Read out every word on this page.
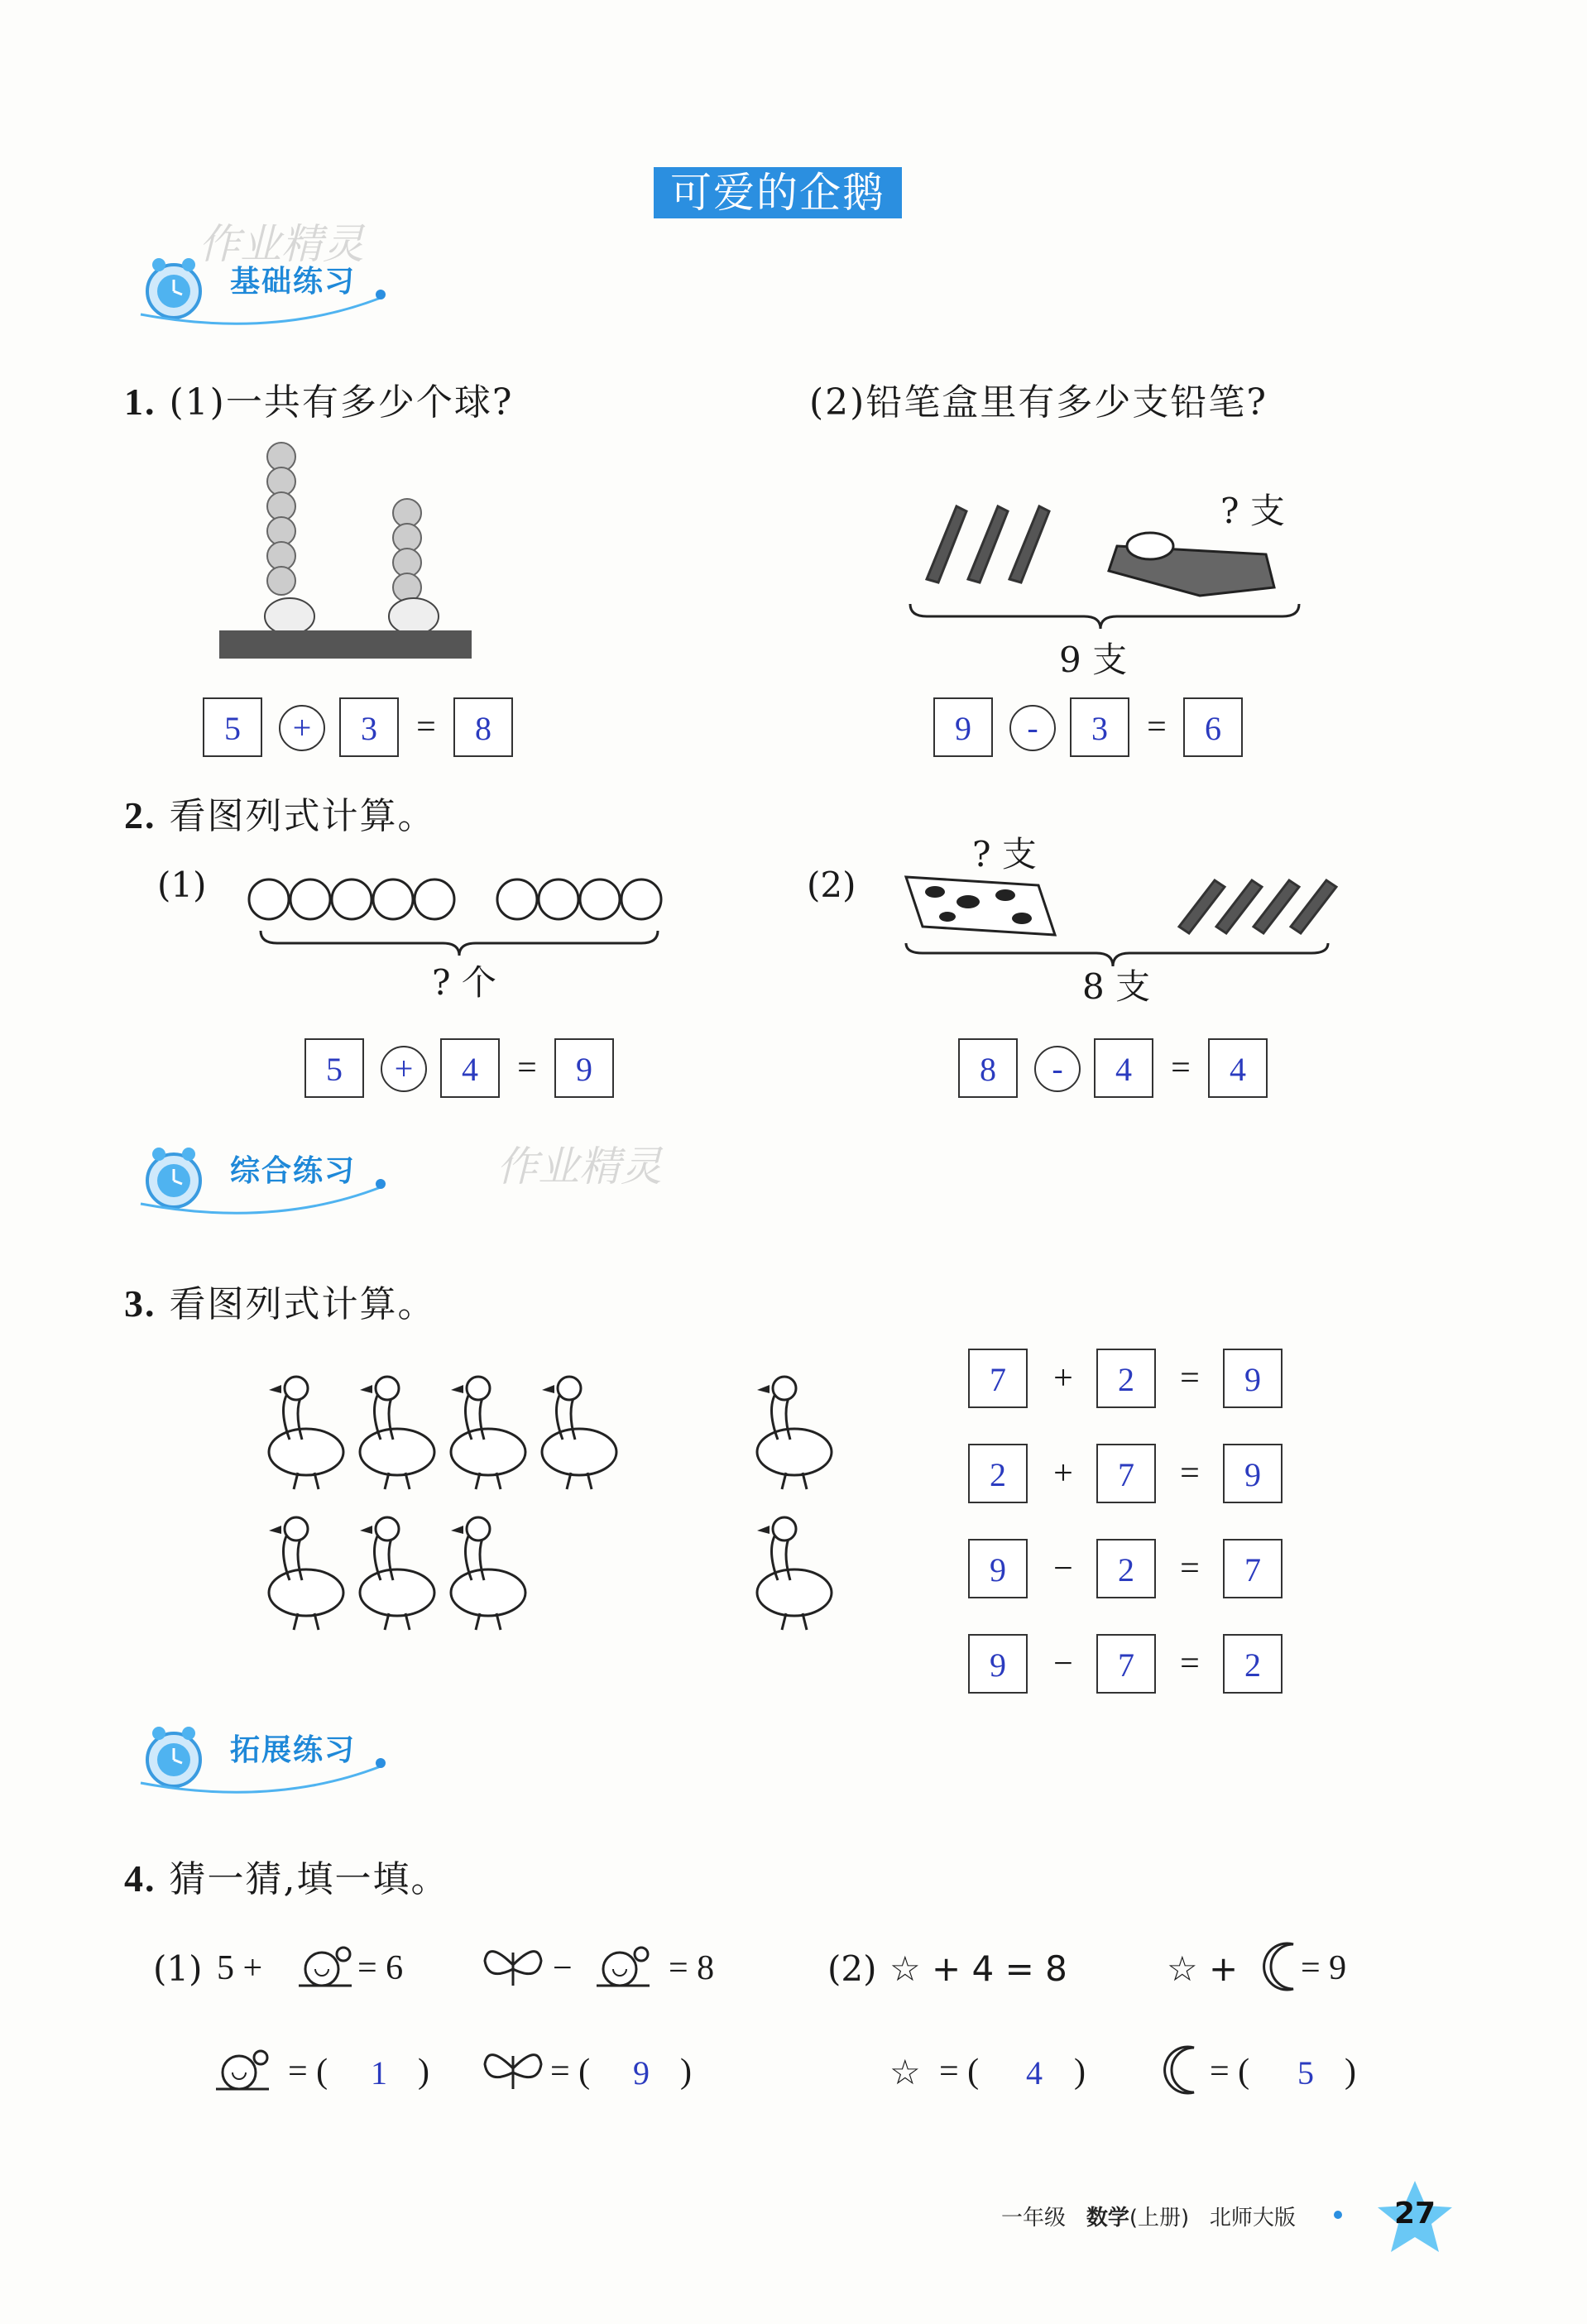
可爱的企鹅
作业精灵
作业精灵
基础练习
1. (1)一共有多少个球?	(2)铅笔盒里有多少支铅笔?
? 支
9 支
5	+	3	=	8	9	-	3	=	6
2. 看图列式计算。
(1)
? 个
(2)
? 支
8 支
5	+	4	=	9	8	-	4	=	4
综合练习
3. 看图列式计算。
7	+	2	=	9
2	+	7	=	9
9	−	2	=	7
9	−	7	=	2
拓展练习
4. 猜一猜,填一填。
(1) 5 +	= 6	−	= 8	(2) ☆ + 4 = 8	☆ + = 9
= ( 1 )	= ( 9 )	☆ = ( 4 )	= ( 5 )
一年级 数学(上册) 北师大版	27
